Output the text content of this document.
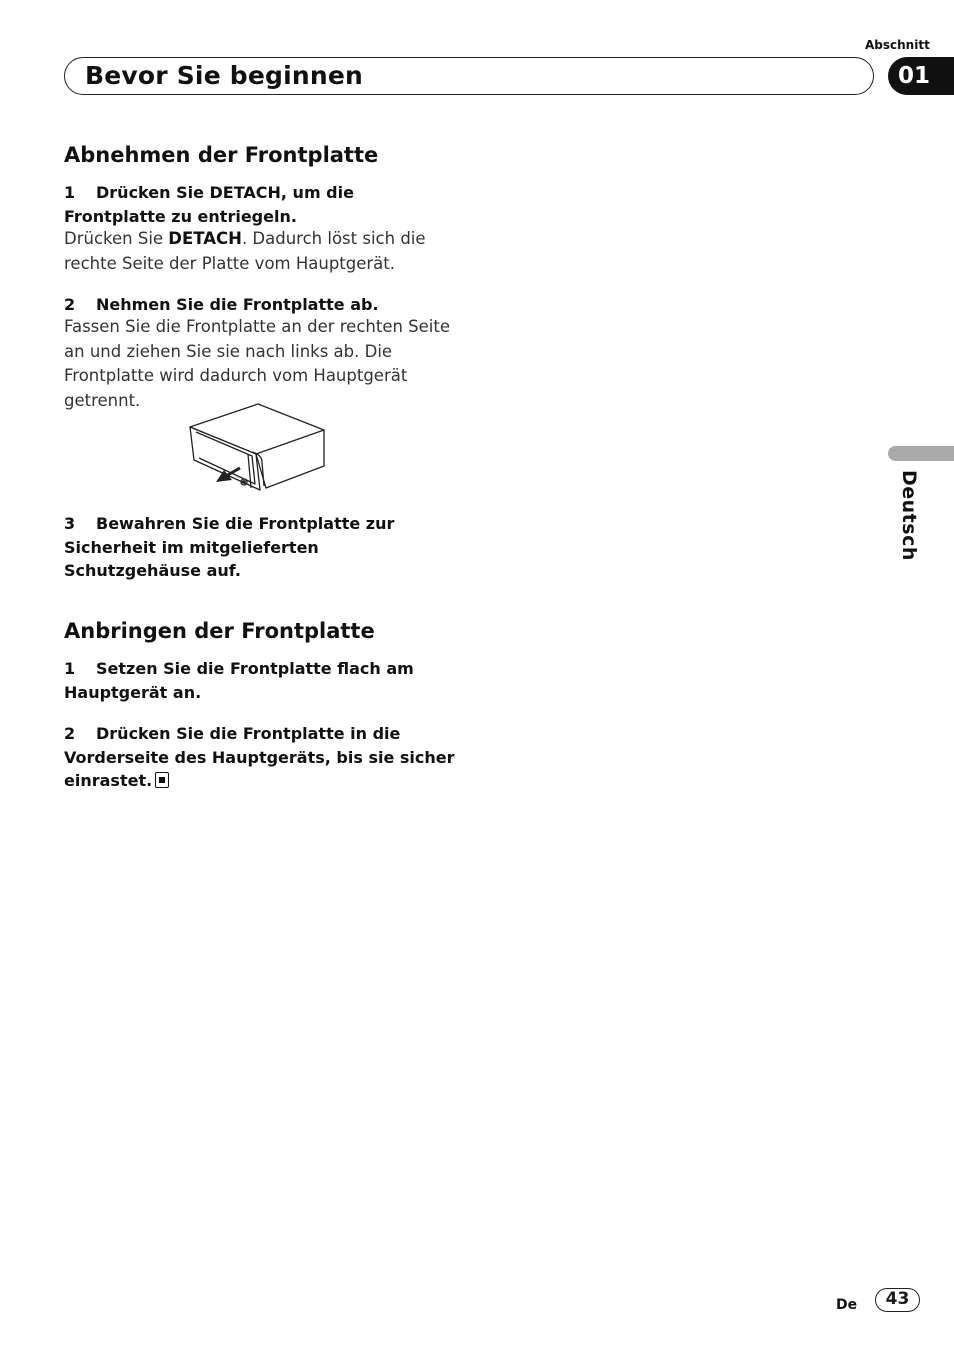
Abschnitt
Bevor Sie beginnen	01
Deutsch
Abnehmen der Frontplatte

1 Drücken Sie DETACH, um die Frontplatte zu entriegeln.

Drücken Sie DETACH. Dadurch löst sich die rechte Seite der Platte vom Hauptgerät.

2 Nehmen Sie die Frontplatte ab.

Fassen Sie die Frontplatte an der rechten Seite an und ziehen Sie sie nach links ab. Die Frontplatte wird dadurch vom Hauptgerät getrennt.

3 Bewahren Sie die Frontplatte zur Sicherheit im mitgelieferten Schutzgehäuse auf.

Anbringen der Frontplatte

1 Setzen Sie die Frontplatte flach am Hauptgerät an.

2 Drücken Sie die Frontplatte in die Vorderseite des Hauptgeräts, bis sie sicher einrastet.

De	43
